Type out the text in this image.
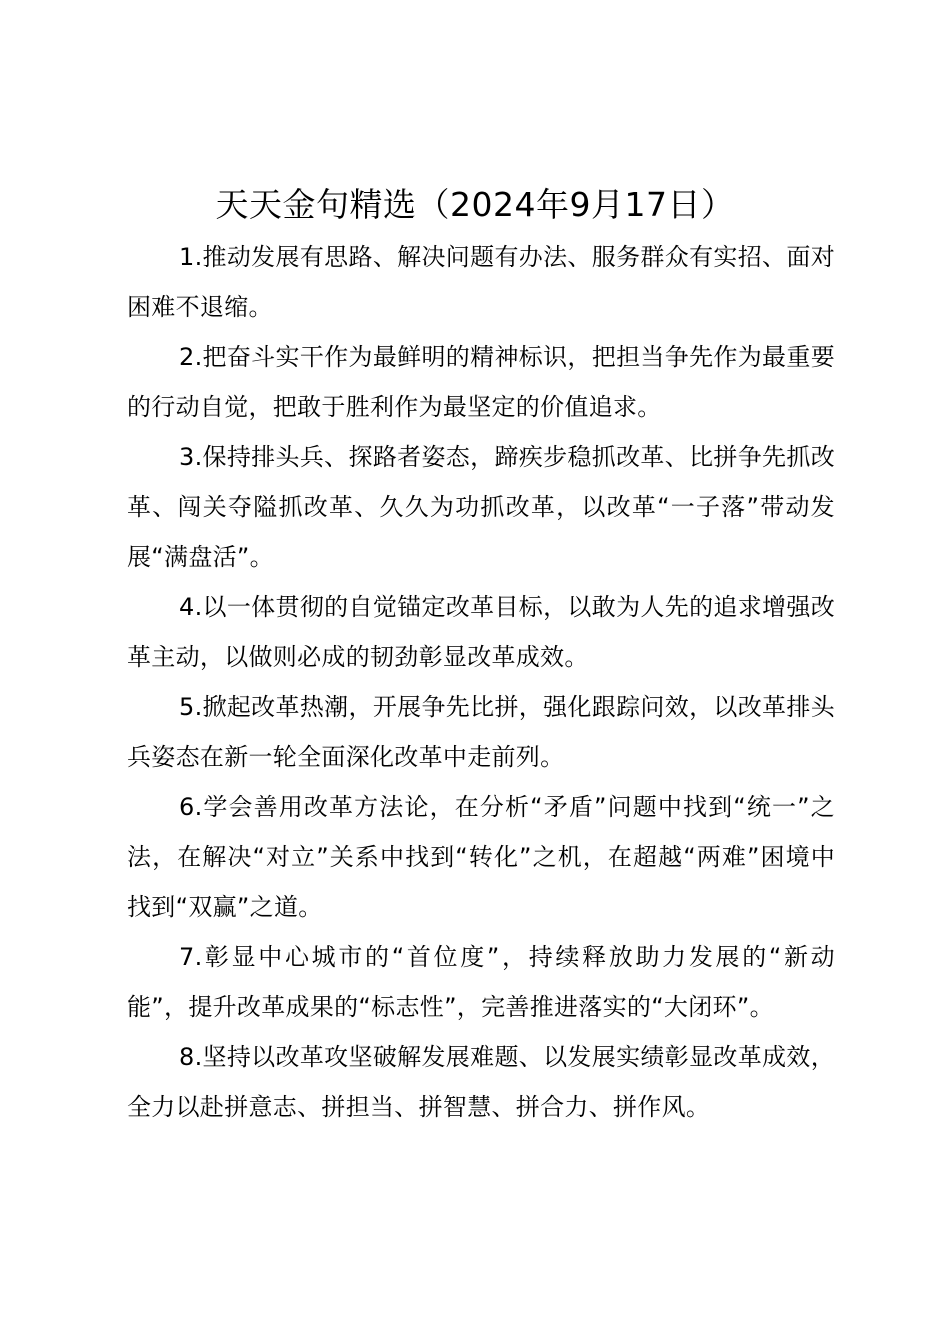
天天金句精选（2024年9月17日）

1.推动发展有思路、解决问题有办法、服务群众有实招、面对困难不退缩。

2.把奋斗实干作为最鲜明的精神标识，把担当争先作为最重要的行动自觉，把敢于胜利作为最坚定的价值追求。

3.保持排头兵、探路者姿态，蹄疾步稳抓改革、比拼争先抓改革、闯关夺隘抓改革、久久为功抓改革，以改革“一子落”带动发展“满盘活”。

4.以一体贯彻的自觉锚定改革目标，以敢为人先的追求增强改革主动，以做则必成的韧劲彰显改革成效。

5.掀起改革热潮，开展争先比拼，强化跟踪问效，以改革排头兵姿态在新一轮全面深化改革中走前列。

6.学会善用改革方法论，在分析“矛盾”问题中找到“统一”之法，在解决“对立”关系中找到“转化”之机，在超越“两难”困境中找到“双赢”之道。

7.彰显中心城市的“首位度”，持续释放助力发展的“新动能”，提升改革成果的“标志性”，完善推进落实的“大闭环”。

8.坚持以改革攻坚破解发展难题、以发展实绩彰显改革成效，全力以赴拼意志、拼担当、拼智慧、拼合力、拼作风。
